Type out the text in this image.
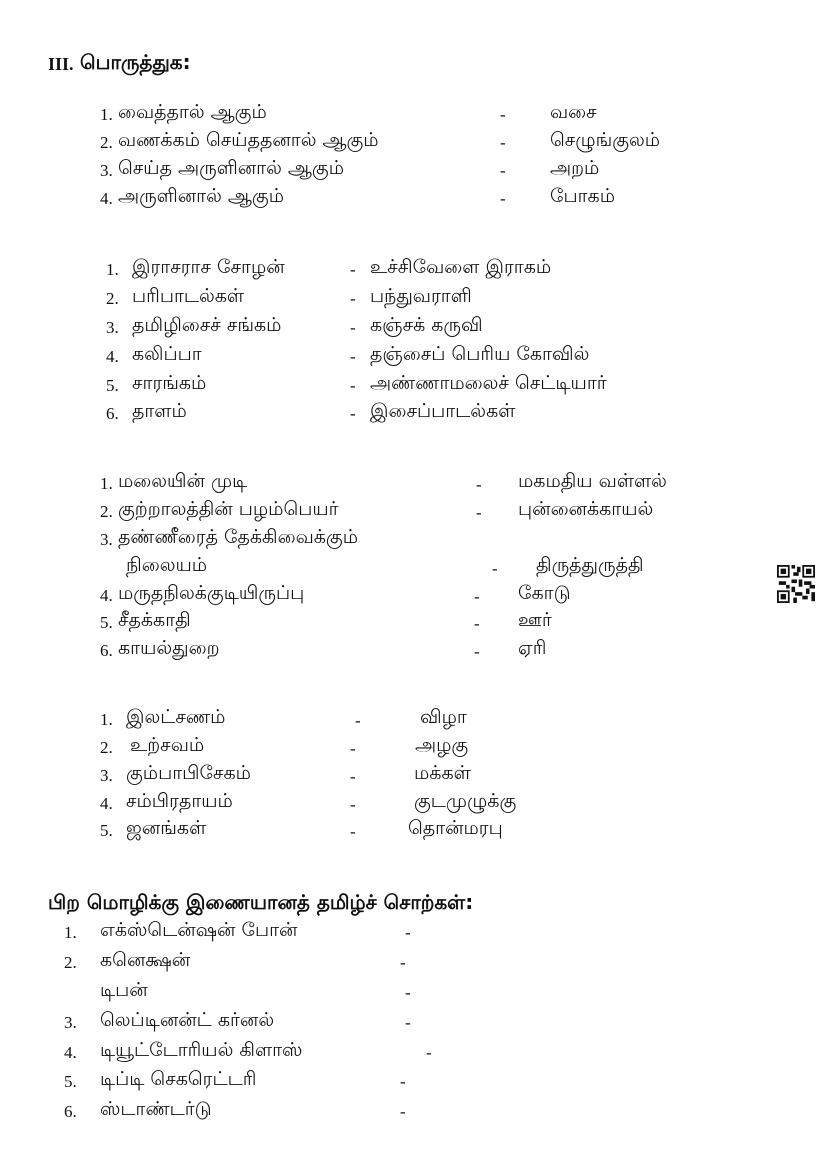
III. பொருத்துக:
1. வைத்தால் ஆகும்	- வசை
2. வணக்கம் செய்ததனால் ஆகும்	- செழுங்குலம்
3. செய்த அருளினால் ஆகும்	- அறம்
4. அருளினால் ஆகும்	- போகம்
1. இராசராச சோழன்	- உச்சிவேளை இராகம்
2. பரிபாடல்கள்	- பந்துவராளி
3. தமிழிசைச் சங்கம்	- கஞ்சக் கருவி
4. கலிப்பா	- தஞ்சைப் பெரிய கோவில்
5. சாரங்கம்	- அண்ணாமலைச் செட்டியார்
6. தாளம்	- இசைப்பாடல்கள்
1. மலையின் முடி	- மகமதிய வள்ளல்
2. குற்றாலத்தின் பழம்பெயர்	- புன்னைக்காயல்
3. தண்ணீரைத் தேக்கிவைக்கும்
நிலையம்	- திருத்துருத்தி
4. மருதநிலக்குடியிருப்பு	- கோடு
5. சீதக்காதி	- ஊர்
6. காயல்துறை	- ஏரி
1. இலட்சணம்	-	விழா
2. உற்சவம்	-	அழகு
3. கும்பாபிசேகம்	-	மக்கள்
4. சம்பிரதாயம்	-	குடமுழுக்கு
5. ஜனங்கள்	-	தொன்மரபு
பிற மொழிக்கு இணையானத் தமிழ்ச் சொற்கள்:
1. எக்ஸ்டென்ஷன் போன்	-
2. கனெக்ஷன்	-
டிபன்	-
3. லெப்டினன்ட் கர்னல்	-
4. டியூட்டோரியல் கிளாஸ்	-
5. டிப்டி செகரெட்டரி	-
6. ஸ்டாண்டர்டு	-
